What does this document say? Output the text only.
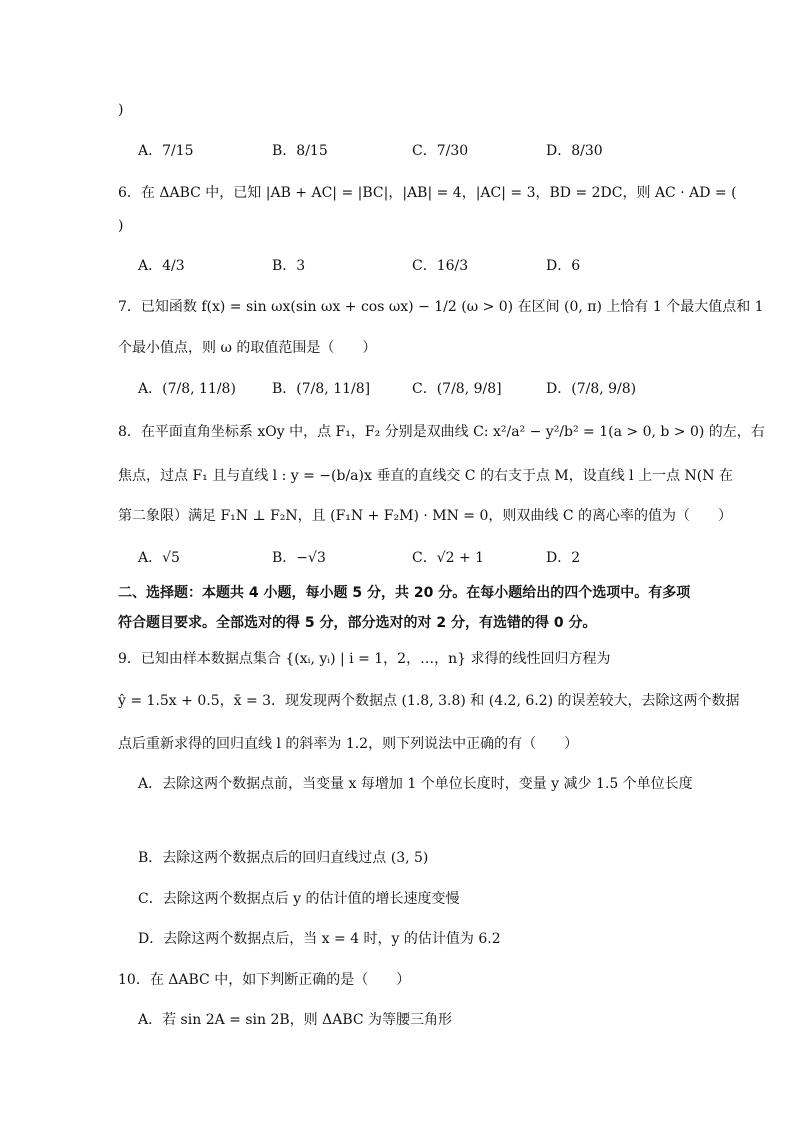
)
A．7/15	B．8/15	C．7/30	D．8/30
6．在 ΔABC 中，已知 |AB + AC| = |BC|，|AB| = 4，|AC| = 3，BD = 2DC，则 AC · AD = (
)
A．4/3	B．3	C．16/3	D．6
7．已知函数 f(x) = sin ωx(sin ωx + cos ωx) − 1/2 (ω > 0) 在区间 (0, π) 上恰有 1 个最大值点和 1
个最小值点，则 ω 的取值范围是（　　）
A．(7/8, 11/8)	B．(7/8, 11/8]	C．(7/8, 9/8]	D．(7/8, 9/8)
8．在平面直角坐标系 xOy 中，点 F₁，F₂ 分别是双曲线 C: x²/a² − y²/b² = 1(a > 0, b > 0) 的左，右
焦点，过点 F₁ 且与直线 l : y = −(b/a)x 垂直的直线交 C 的右支于点 M，设直线 l 上一点 N(N 在
第二象限）满足 F₁N ⊥ F₂N，且 (F₁N + F₂M) · MN = 0，则双曲线 C 的离心率的值为（　　）
A．√5	B．−√3	C．√2 + 1	D．2
二、选择题：本题共 4 小题，每小题 5 分，共 20 分。在每小题给出的四个选项中。有多项
符合题目要求。全部选对的得 5 分，部分选对的对 2 分，有选错的得 0 分。
9．已知由样本数据点集合 {(xᵢ, yᵢ) | i = 1，2，…，n} 求得的线性回归方程为
ŷ = 1.5x + 0.5，x̄ = 3．现发现两个数据点 (1.8, 3.8) 和 (4.2, 6.2) 的误差较大，去除这两个数据
点后重新求得的回归直线 l 的斜率为 1.2，则下列说法中正确的有（　　）
A．去除这两个数据点前，当变量 x 每增加 1 个单位长度时，变量 y 减少 1.5 个单位长度
B．去除这两个数据点后的回归直线过点 (3, 5)
C．去除这两个数据点后 y 的估计值的增长速度变慢
D．去除这两个数据点后，当 x = 4 时，y 的估计值为 6.2
10．在 ΔABC 中，如下判断正确的是（　　）
A．若 sin 2A = sin 2B，则 ΔABC 为等腰三角形
